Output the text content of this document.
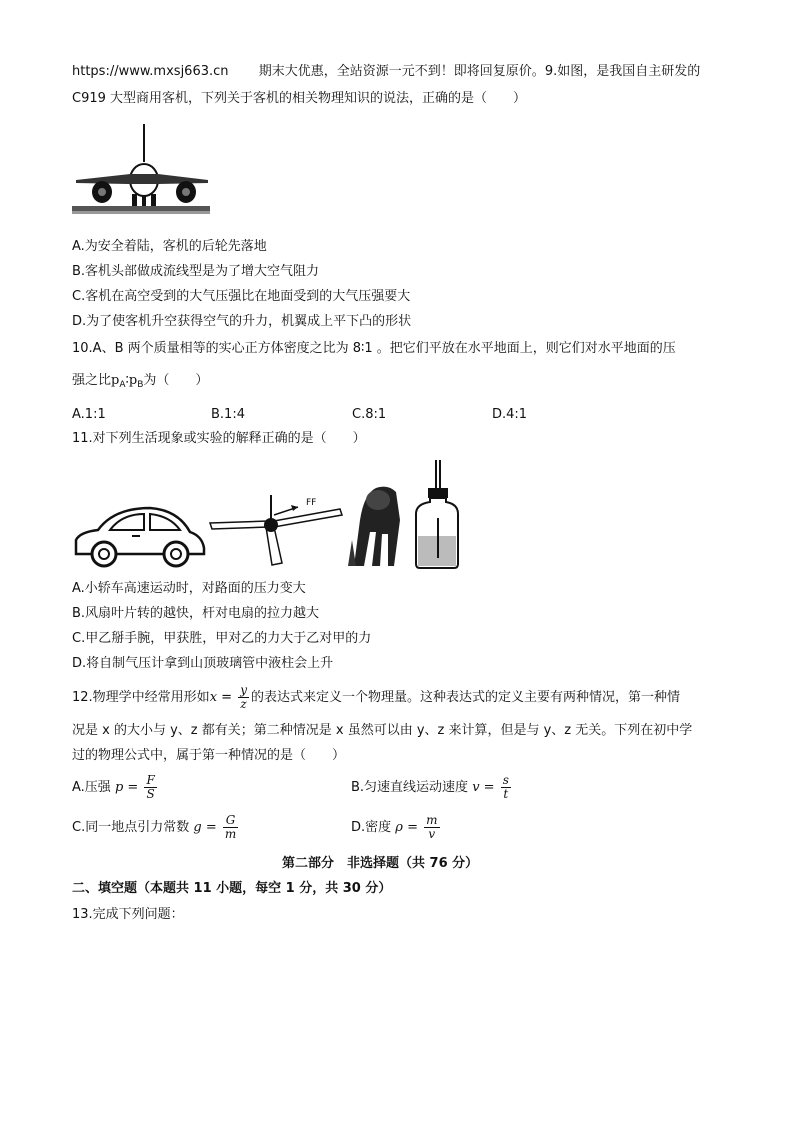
https://www.mxsj663.cn 期末大优惠，全站资源一元不到！即将回复原价。9.如图，是我国自主研发的
C919 大型商用客机，下列关于客机的相关物理知识的说法，正确的是（　　）
A.为安全着陆，客机的后轮先落地
B.客机头部做成流线型是为了增大空气阻力
C.客机在高空受到的大气压强比在地面受到的大气压强要大
D.为了使客机升空获得空气的升力，机翼成上平下凸的形状
10.A、B 两个质量相等的实心正方体密度之比为 8∶1 。把它们平放在水平地面上，则它们对水平地面的压
强之比$p_A∶p_B$为（　　）
A.1:1	B.1:4	C.8:1	D.4:1
11.对下列生活现象或实验的解释正确的是（　　）
FF
A.小轿车高速运动时，对路面的压力变大
B.风扇叶片转的越快，杆对电扇的拉力越大
C.甲乙掰手腕，甲获胜，甲对乙的力大于乙对甲的力
D.将自制气压计拿到山顶玻璃管中液柱会上升
12.物理学中经常用形如$x = \frac{y}{z}$ 的表达式来定义一个物理量。这种表达式的定义主要有两种情况，第一种情
况是 x 的大小与 y、z 都有关；第二种情况是 x 虽然可以由 y、z 来计算，但是与 y、z 无关。下列在初中学
过的物理公式中，属于第一种情况的是（　　）
A.压强 $p = \frac{F}{S}$	B.匀速直线运动速度 $v = \frac{s}{t}$
C.同一地点引力常数 $g = \frac{G}{m}$	D.密度 $\rho = \frac{m}{v}$
第二部分　非选择题（共 76 分）
二、填空题（本题共 11 小题，每空 1 分，共 30 分）
13.完成下列问题：
